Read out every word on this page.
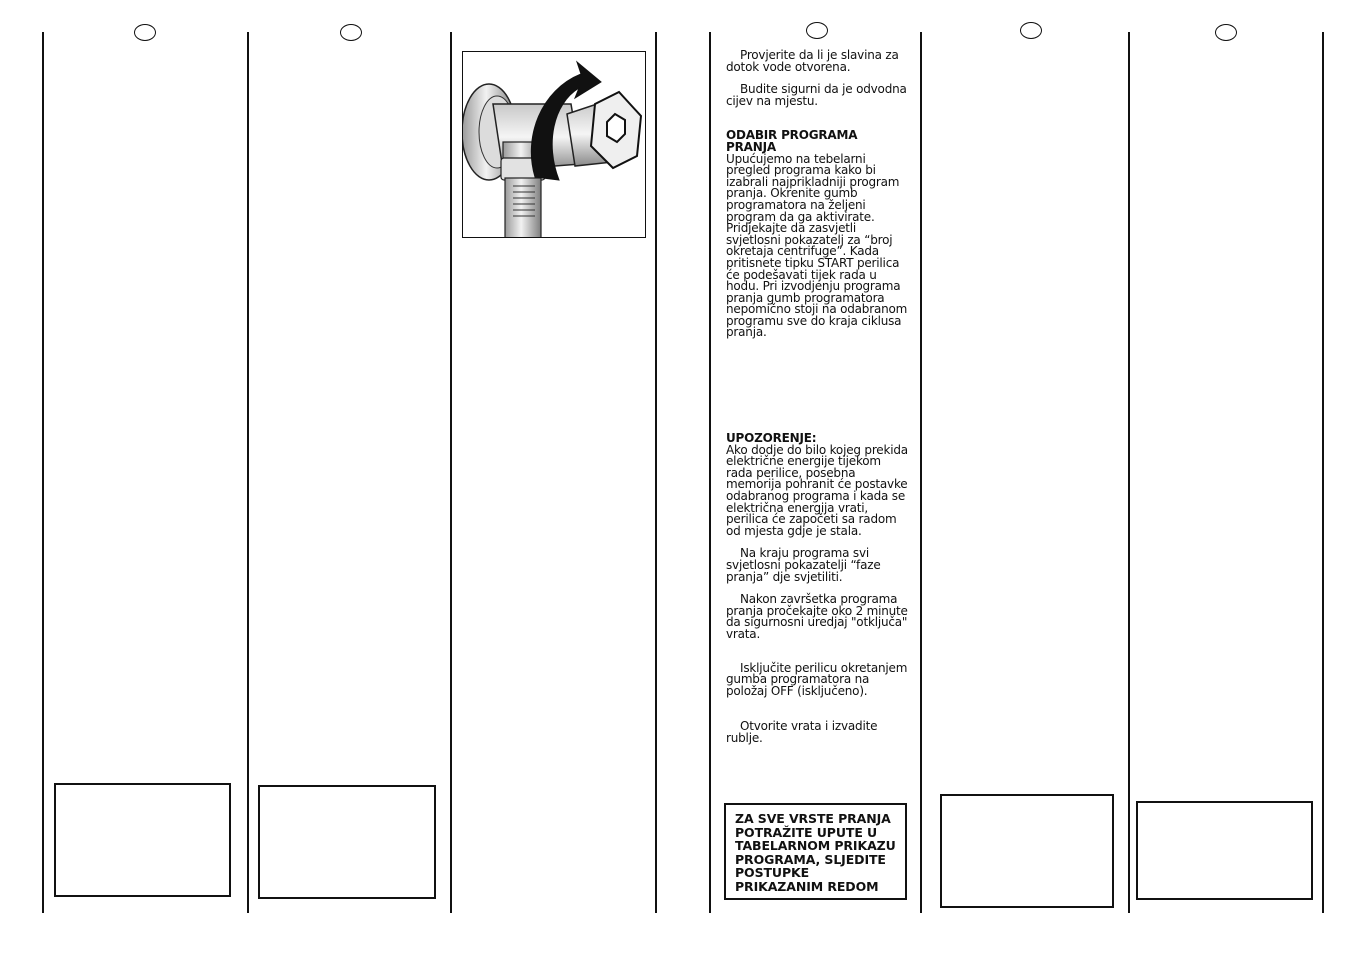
Provjerite da li je slavina za dotok vode otvorena.

Budite sigurni da je odvodna cijev na mjestu.

ODABIR PROGRAMA PRANJA

Upućujemo na tebelarni pregled programa kako bi izabrali najprikladniji program pranja. Okrenite gumb programatora na željeni program da ga aktivirate. Pridjekajte da zasvjetli svjetlosni pokazatelj za “broj okretaja centrifuge”. Kada pritisnete tipku START perilica će podešavati tijek rada u hodu. Pri izvodjenju programa pranja gumb programatora nepomično stoji na odabranom programu sve do kraja ciklusa pranja.

UPOZORENJE:

Ako dodje do bilo kojeg prekida električne energije tijekom rada perilice, posebna memorija pohranit će postavke odabranog programa i kada se električna energija vrati, perilica će započeti sa radom od mjesta gdje je stala.

Na kraju programa svi svjetlosni pokazatelji “faze pranja” dje svjetiliti.

Nakon završetka programa pranja pročekajte oko 2 minute da sigurnosni uredjaj "otključa" vrata.

Isključite perilicu okretanjem gumba programatora na položaj OFF (isključeno).

Otvorite vrata i izvadite rublje.

ZA SVE VRSTE PRANJA POTRAŽITE UPUTE U TABELARNOM PRIKAZU PROGRAMA, SLJEDITE POSTUPKE PRIKAZANIM REDOM
